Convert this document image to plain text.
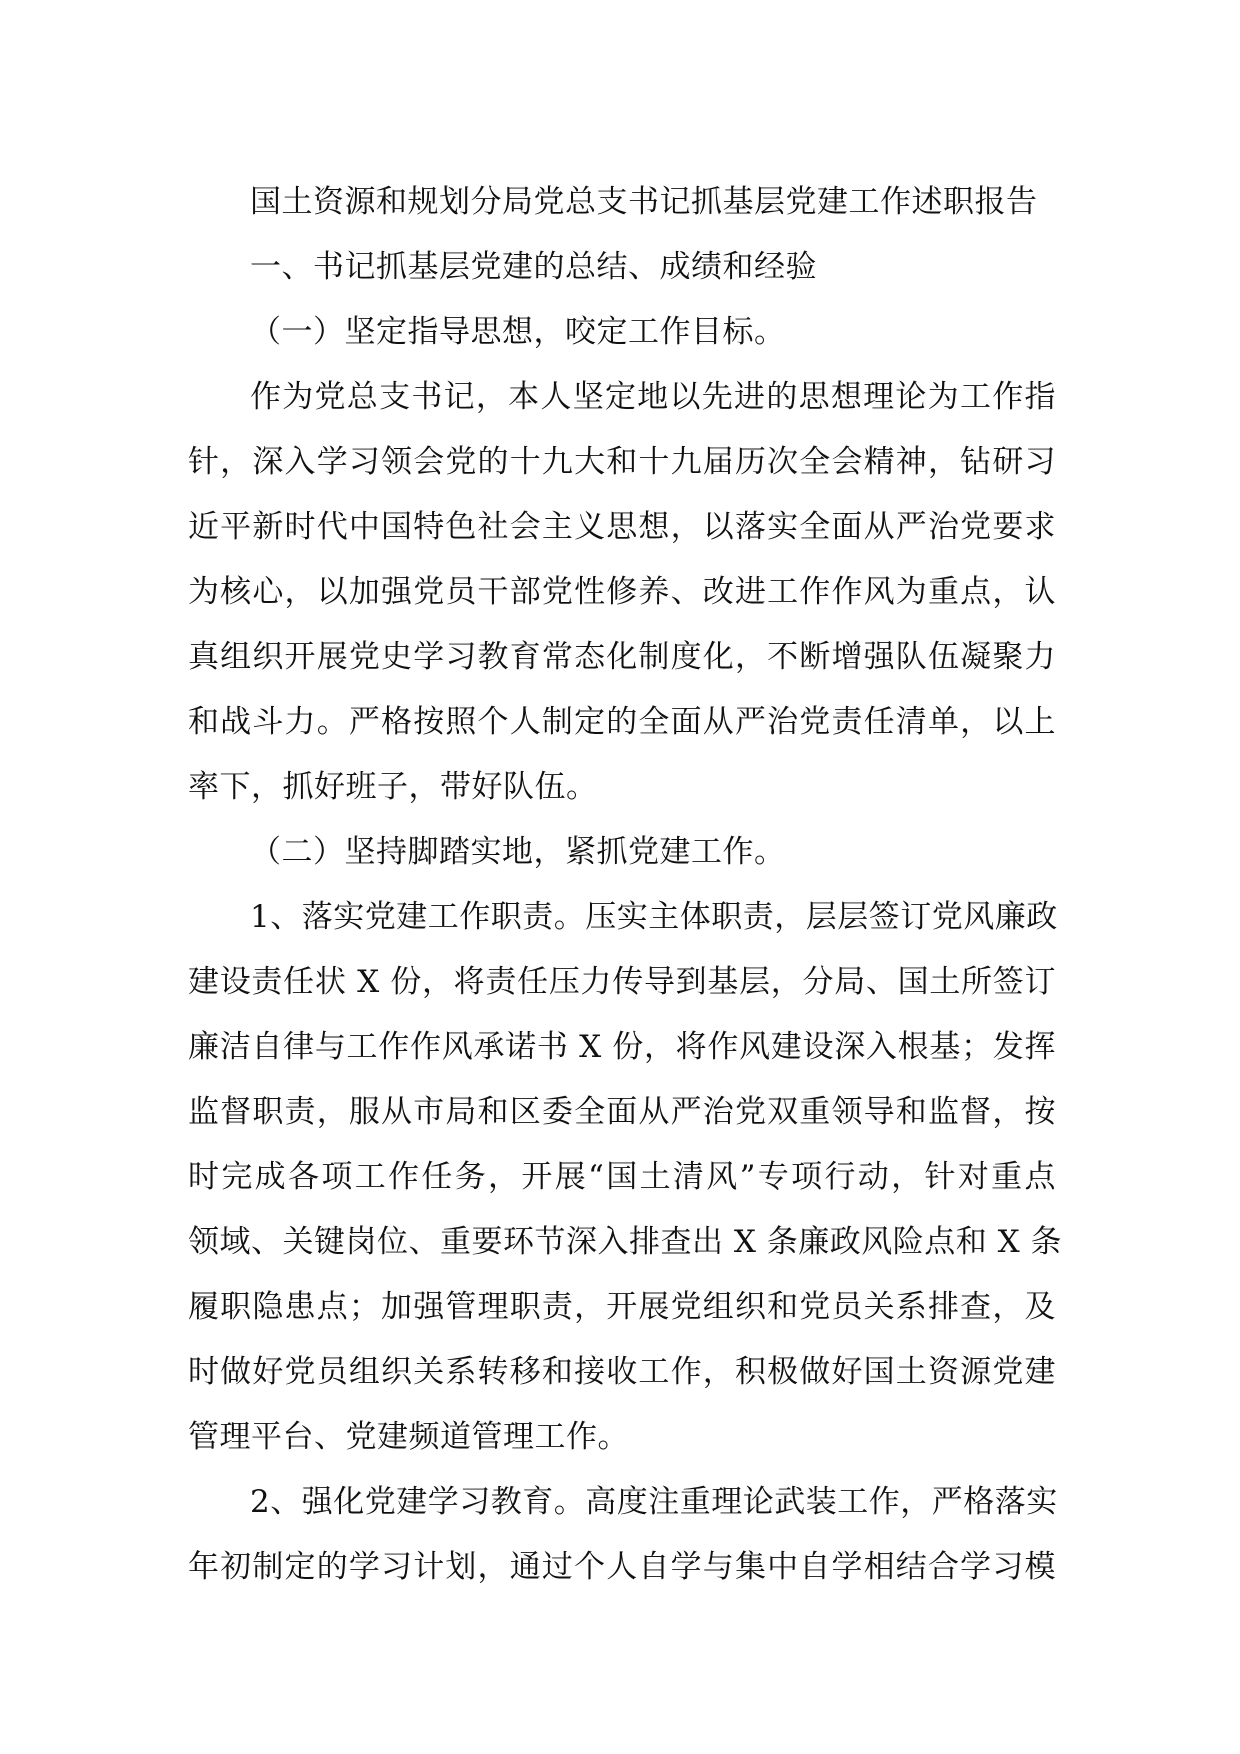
国土资源和规划分局党总支书记抓基层党建工作述职报告

一、书记抓基层党建的总结、成绩和经验

（一）坚定指导思想，咬定工作目标。

作为党总支书记，本人坚定地以先进的思想理论为工作指

针，深入学习领会党的十九大和十九届历次全会精神，钻研习

近平新时代中国特色社会主义思想，以落实全面从严治党要求

为核心，以加强党员干部党性修养、改进工作作风为重点，认

真组织开展党史学习教育常态化制度化，不断增强队伍凝聚力

和战斗力。严格按照个人制定的全面从严治党责任清单，以上

率下，抓好班子，带好队伍。

（二）坚持脚踏实地，紧抓党建工作。

1、落实党建工作职责。压实主体职责，层层签订党风廉政

建设责任状 X 份，将责任压力传导到基层，分局、国土所签订

廉洁自律与工作作风承诺书 X 份，将作风建设深入根基；发挥

监督职责，服从市局和区委全面从严治党双重领导和监督，按

时完成各项工作任务，开展“国土清风”专项行动，针对重点

领域、关键岗位、重要环节深入排查出 X 条廉政风险点和 X 条

履职隐患点；加强管理职责，开展党组织和党员关系排查，及

时做好党员组织关系转移和接收工作，积极做好国土资源党建

管理平台、党建频道管理工作。

2、强化党建学习教育。高度注重理论武装工作，严格落实

年初制定的学习计划，通过个人自学与集中自学相结合学习模
